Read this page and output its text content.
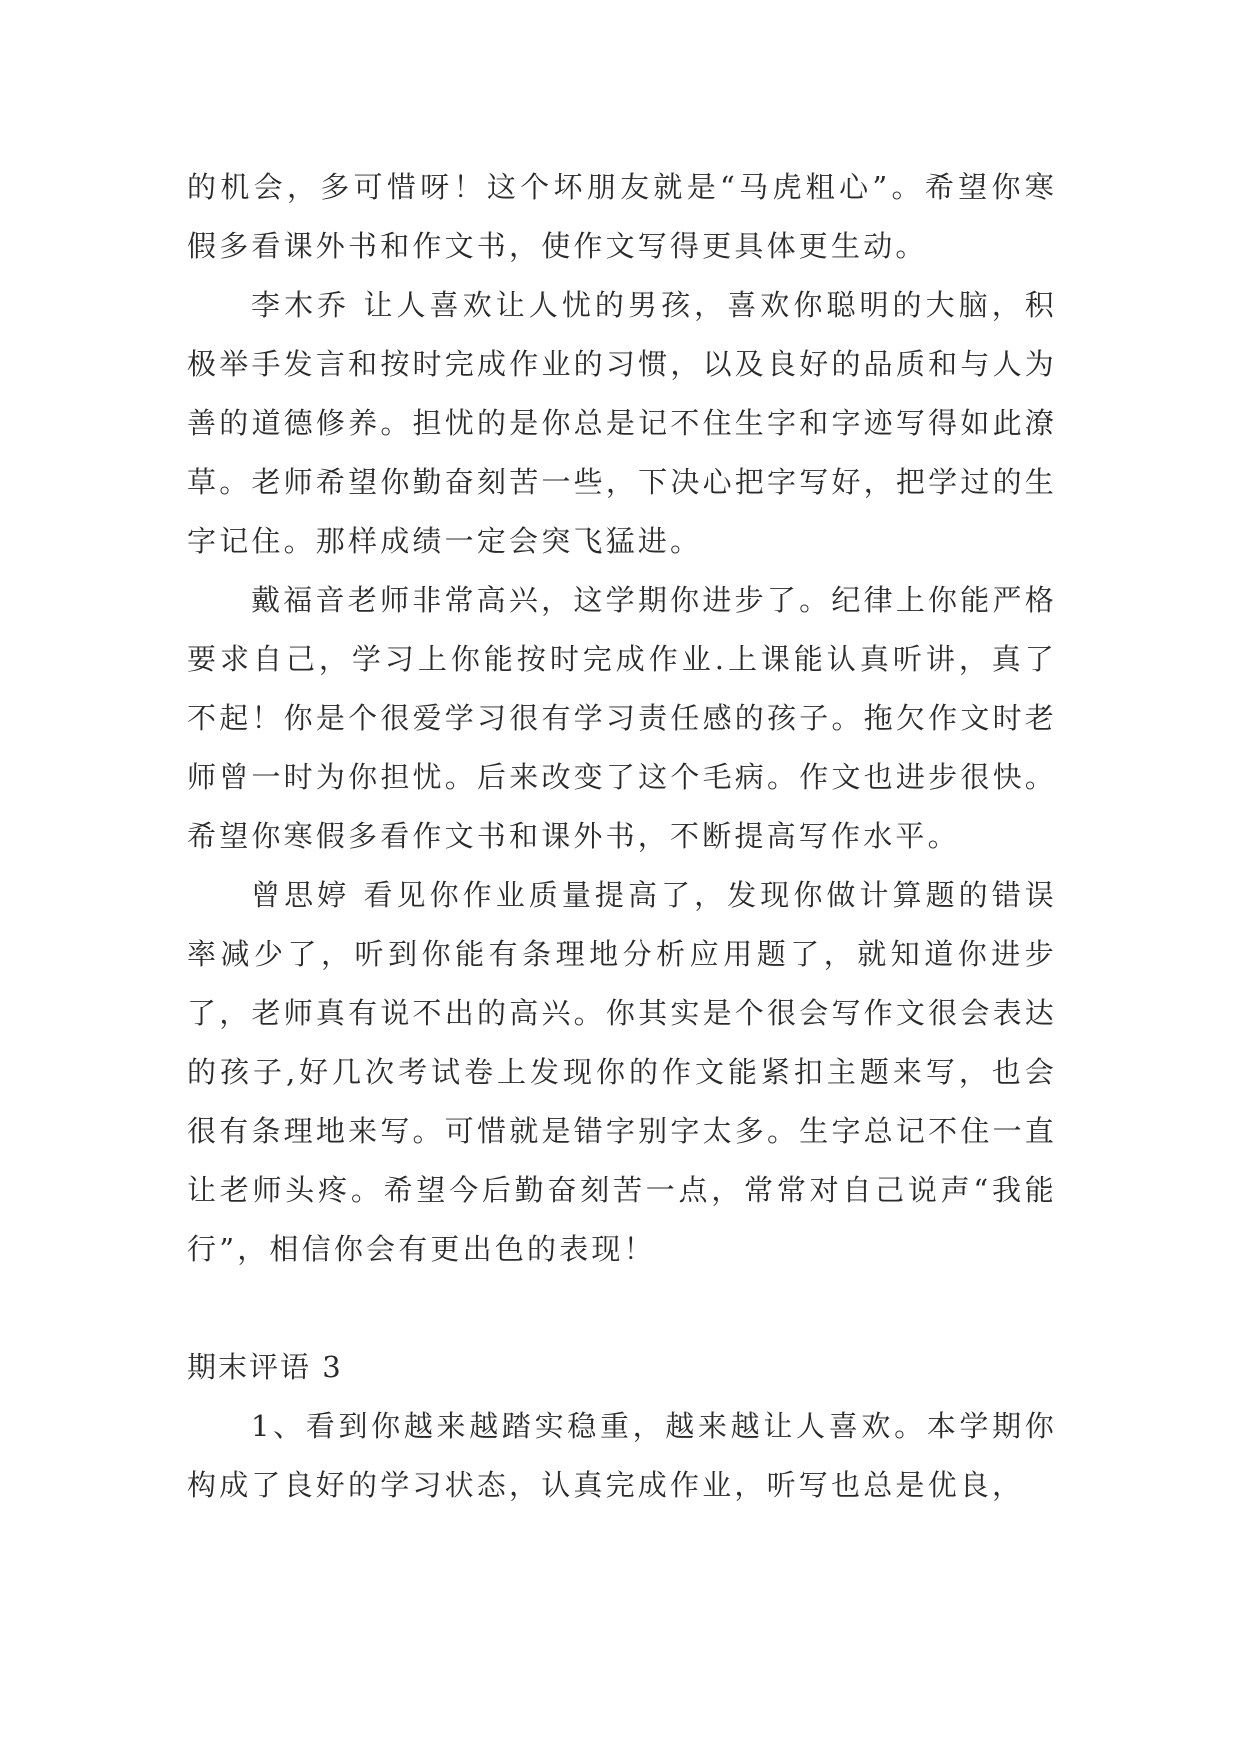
的机会，多可惜呀！这个坏朋友就是“马虎粗心”。希望你寒假多看课外书和作文书，使作文写得更具体更生动。

李木乔 让人喜欢让人忧的男孩，喜欢你聪明的大脑，积极举手发言和按时完成作业的习惯，以及良好的品质和与人为善的道德修养。担忧的是你总是记不住生字和字迹写得如此潦草。老师希望你勤奋刻苦一些，下决心把字写好，把学过的生字记住。那样成绩一定会突飞猛进。

戴福音老师非常高兴，这学期你进步了。纪律上你能严格要求自己，学习上你能按时完成作业.上课能认真听讲，真了不起！你是个很爱学习很有学习责任感的孩子。拖欠作文时老师曾一时为你担忧。后来改变了这个毛病。作文也进步很快。希望你寒假多看作文书和课外书，不断提高写作水平。

曾思婷 看见你作业质量提高了，发现你做计算题的错误率减少了，听到你能有条理地分析应用题了，就知道你进步了，老师真有说不出的高兴。你其实是个很会写作文很会表达的孩子,好几次考试卷上发现你的作文能紧扣主题来写，也会很有条理地来写。可惜就是错字别字太多。生字总记不住一直让老师头疼。希望今后勤奋刻苦一点，常常对自己说声“我能行”，相信你会有更出色的表现！

期末评语 3

1、看到你越来越踏实稳重，越来越让人喜欢。本学期你构成了良好的学习状态，认真完成作业，听写也总是优良，
